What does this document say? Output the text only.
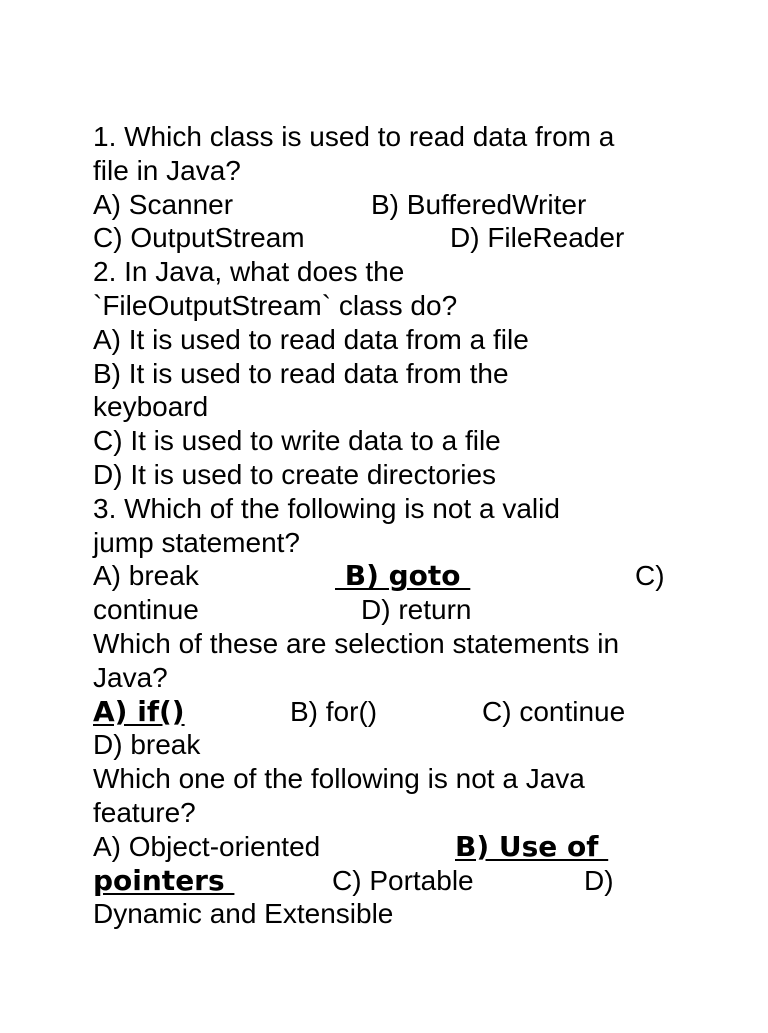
1. Which class is used to read data from a
file in Java?

A) Scanner

	B) BufferedWriter

C) OutputStream

	D) FileReader

2. In Java, what does the
`FileOutputStream` class do?
A) It is used to read data from a file
B) It is used to read data from the
keyboard
C) It is used to write data to a file
D) It is used to create directories
3. Which of the following is not a valid
jump statement?

A) break

	B) goto

	C)

continue

	D) return

Which of these are selection statements in
Java?

A) if()

	B) for()

	C) continue

D) break
Which one of the following is not a Java
feature?

A) Object-oriented

	B) Use of

pointers

	C) Portable

	D)

Dynamic and Extensible
